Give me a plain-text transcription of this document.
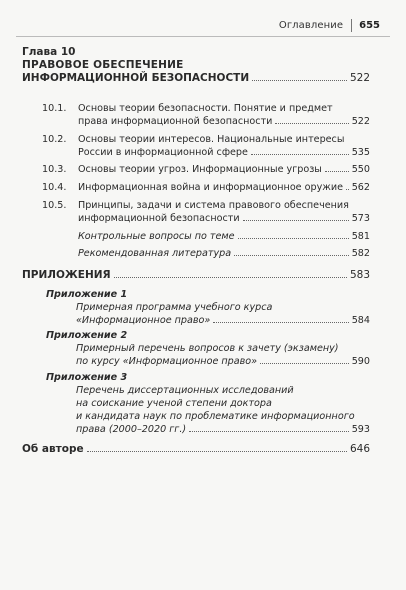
Оглавление 655
Глава 10
ПРАВОВОЕ ОБЕСПЕЧЕНИЕ
ИНФОРМАЦИОННОЙ БЕЗОПАСНОСТИ	522
10.1. Основы теории безопасности. Понятие и предмет
права информационной безопасности	522
10.2. Основы теории интересов. Национальные интересы
России в информационной сфере	535
10.3. Основы теории угроз. Информационные угрозы	550
10.4. Информационная война и информационное оружие 562
10.5. Принципы, задачи и система правового обеспечения
информационной безопасности	573
Контрольные вопросы по теме	581
Рекомендованная литература	582
ПРИЛОЖЕНИЯ	583
Приложение 1
Примерная программа учебного курса
«Информационное право»	584
Приложение 2
Примерный перечень вопросов к зачету (экзамену)
по курсу «Информационное право»	590
Приложение 3
Перечень диссертационных исследований
на соискание ученой степени доктора
и кандидата наук по проблематике информационного
права (2000–2020 гг.)	593
Об авторе	646
